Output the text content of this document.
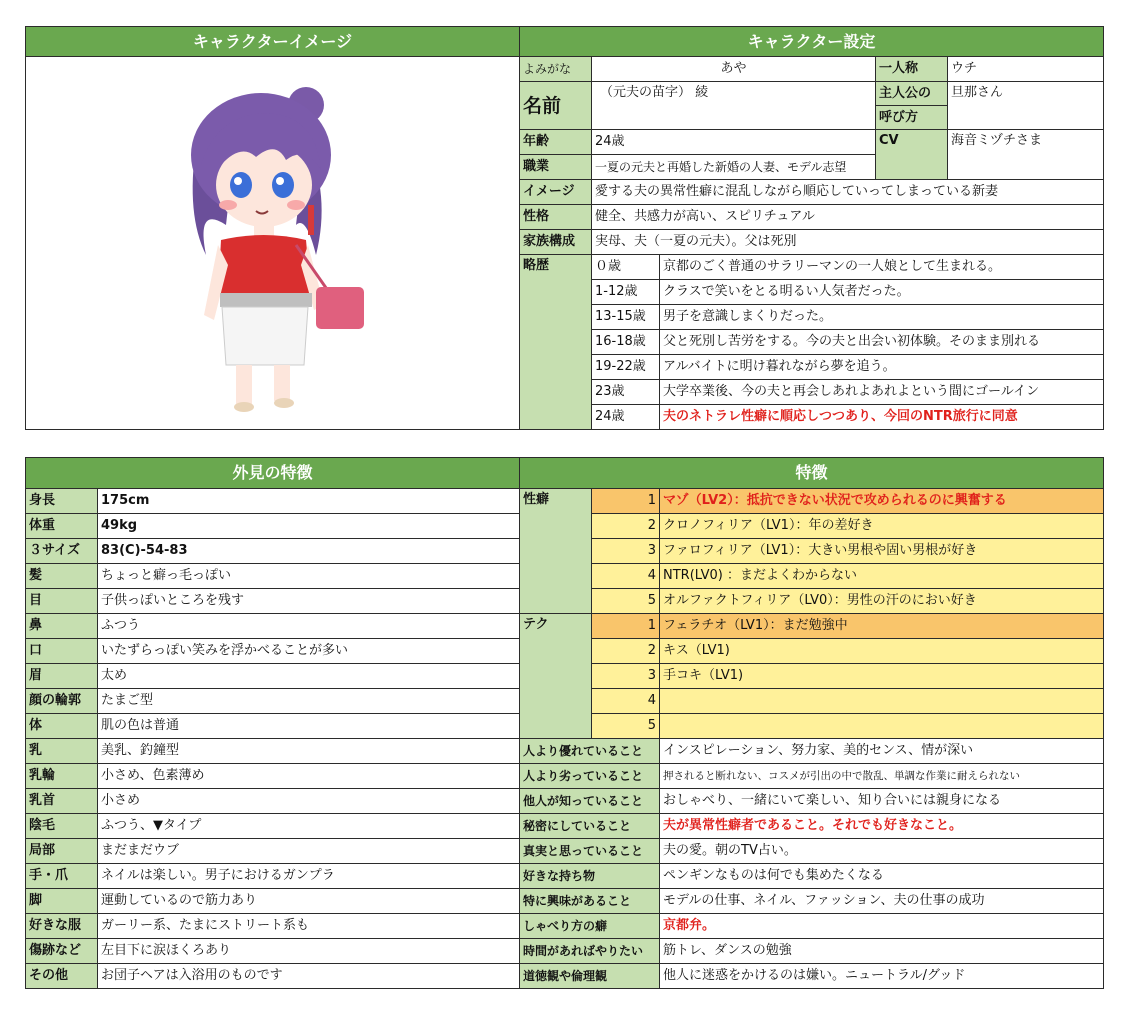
キャラクターイメージ	キャラクター設定				

	よみがな	あや		一人称	ウチ
	名前	（元夫の苗字） 綾		主人公の	旦那さん
				呼び方	
	年齢	24歳		CV	海音ミヅチさま
	職業	一夏の元夫と再婚した新婚の人妻、モデル志望			
	イメージ	愛する夫の異常性癖に混乱しながら順応していってしまっている新妻			
	性格	健全、共感力が高い、スピリチュアル			
	家族構成	実母、夫（一夏の元夫）。父は死別			
	略歴	０歳	京都のごく普通のサラリーマンの一人娘として生まれる。		
		1-12歳	クラスで笑いをとる明るい人気者だった。		
		13-15歳	男子を意識しまくりだった。		
		16-18歳	父と死別し苦労をする。今の夫と出会い初体験。そのまま別れる		
		19-22歳	アルバイトに明け暮れながら夢を追う。		
		23歳	大学卒業後、今の夫と再会しあれよあれよという間にゴールイン		
		24歳	夫のネトラレ性癖に順応しつつあり、今回のNTR旅行に同意		
外見の特徴		特徴		
身長	175cm	性癖	1	マゾ（LV2）：抵抗できない状況で攻められるのに興奮する
体重	49kg		2	クロノフィリア（LV1）：年の差好き
３サイズ	83(C)-54-83		3	ファロフィリア（LV1）：大きい男根や固い男根が好き
髪	ちょっと癖っ毛っぽい		4	NTR(LV0) ：まだよくわからない
目	子供っぽいところを残す		5	オルファクトフィリア（LV0）：男性の汗のにおい好き
鼻	ふつう	テク	1	フェラチオ（LV1）：まだ勉強中
口	いたずらっぽい笑みを浮かべることが多い		2	キス（LV1)
眉	太め		3	手コキ（LV1)
顔の輪郭	たまご型		4	
体	肌の色は普通		5	
乳	美乳、釣鐘型	人より優れていること		インスピレーション、努力家、美的センス、情が深い
乳輪	小さめ、色素薄め	人より劣っていること		押されると断れない、コスメが引出の中で散乱、単調な作業に耐えられない
乳首	小さめ	他人が知っていること		おしゃべり、一緒にいて楽しい、知り合いには親身になる
陰毛	ふつう、▼タイプ	秘密にしていること		夫が異常性癖者であること。それでも好きなこと。
局部	まだまだウブ	真実と思っていること		夫の愛。朝のTV占い。
手・爪	ネイルは楽しい。男子におけるガンプラ	好きな持ち物		ペンギンなものは何でも集めたくなる
脚	運動しているので筋力あり	特に興味があること		モデルの仕事、ネイル、ファッション、夫の仕事の成功
好きな服	ガーリー系、たまにストリート系も	しゃべり方の癖		京都弁。
傷跡など	左目下に涙ほくろあり	時間があればやりたい		筋トレ、ダンスの勉強
その他	お団子ヘアは入浴用のものです	道徳観や倫理観		他人に迷惑をかけるのは嫌い。ニュートラル/グッド
